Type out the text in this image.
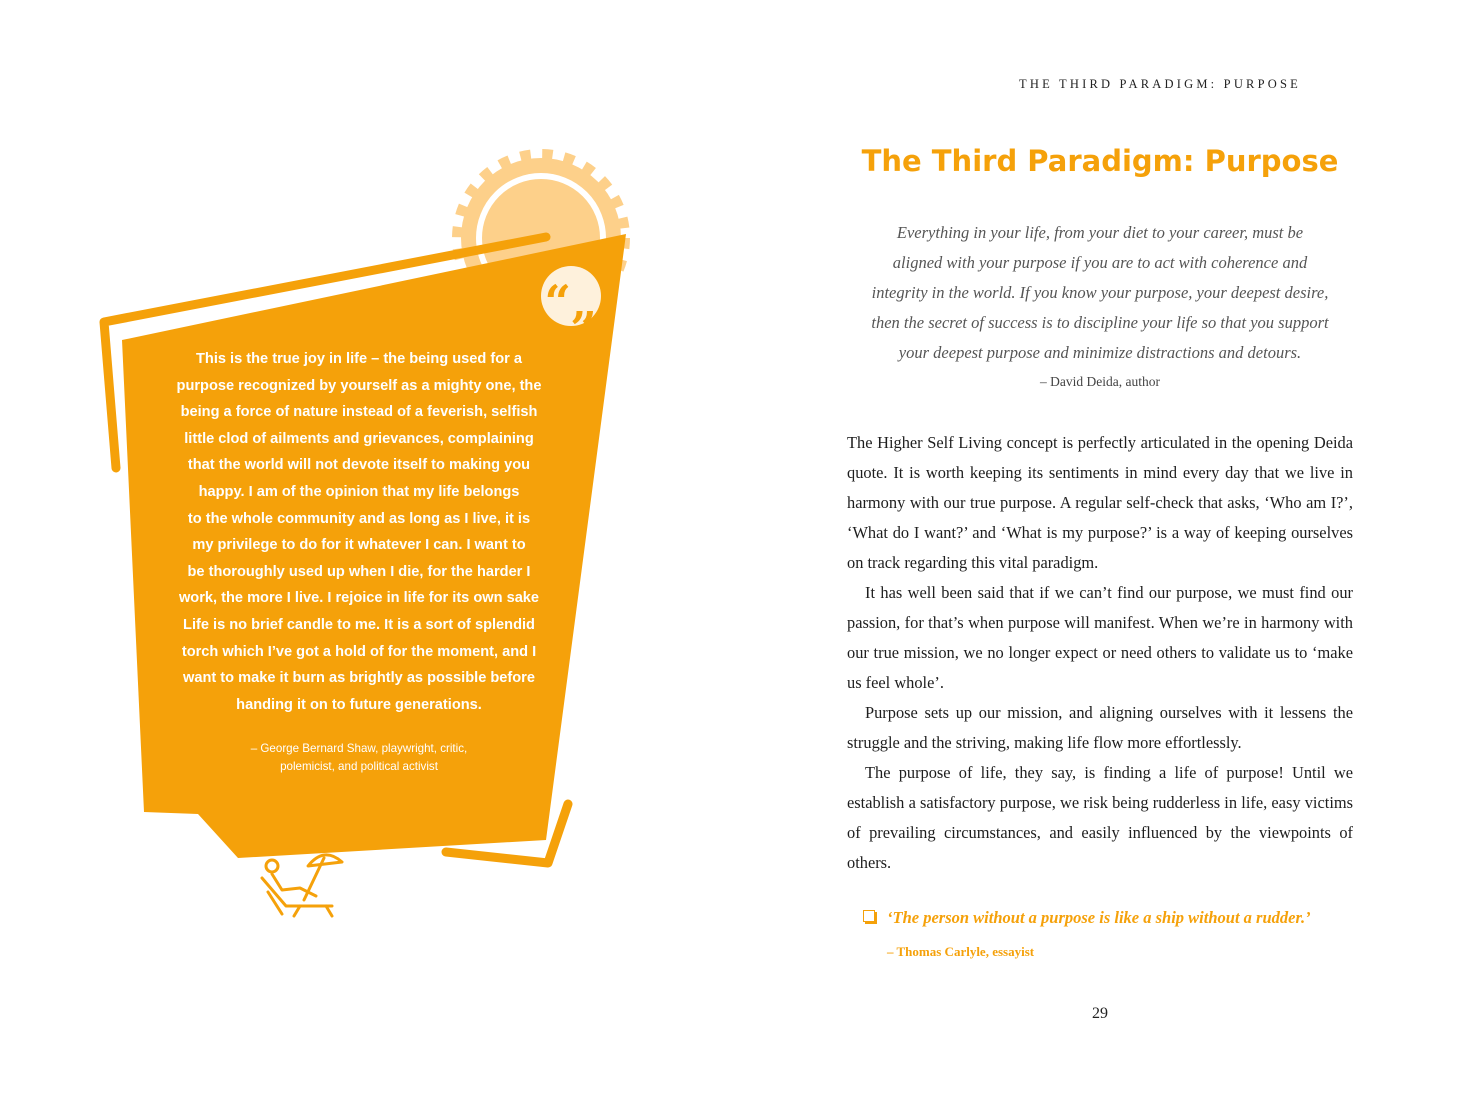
“„

This is the true joy in life – the being used for a

purpose recognized by yourself as a mighty one, the

being a force of nature instead of a feverish, selfish

little clod of ailments and grievances, complaining

that the world will not devote itself to making you

happy. I am of the opinion that my life belongs

to the whole community and as long as I live, it is

my privilege to do for it whatever I can. I want to

be thoroughly used up when I die, for the harder I

work, the more I live. I rejoice in life for its own sake

Life is no brief candle to me. It is a sort of splendid

torch which I’ve got a hold of for the moment, and I

want to make it burn as brightly as possible before

handing it on to future generations.

– George Bernard Shaw, playwright, critic,
polemicist, and political activist
THE THIRD PARADIGM: PURPOSE
The Third Paradigm: Purpose
Everything in your life, from your diet to your career, must be
aligned with your purpose if you are to act with coherence and
integrity in the world. If you know your purpose, your deepest desire,
then the secret of success is to discipline your life so that you support
your deepest purpose and minimize distractions and detours.
– David Deida, author

The Higher Self Living concept is perfectly articulated in the opening Deida quote. It is worth keeping its sentiments in mind every day that we live in harmony with our true purpose. A regular self-check that asks, ‘Who am I?’, ‘What do I want?’ and ‘What is my purpose?’ is a way of keeping ourselves on track regarding this vital paradigm.

It has well been said that if we can’t find our purpose, we must find our passion, for that’s when purpose will manifest. When we’re in harmony with our true mission, we no longer expect or need others to validate us to ‘make us feel whole’.

Purpose sets up our mission, and aligning ourselves with it lessens the struggle and the striving, making life flow more effortlessly.

The purpose of life, they say, is finding a life of purpose! Until we establish a satisfactory purpose, we risk being rudderless in life, easy victims of prevailing circumstances, and easily influenced by the viewpoints of others.

‘The person without a purpose is like a ship without a rudder.’
– Thomas Carlyle, essayist
29
